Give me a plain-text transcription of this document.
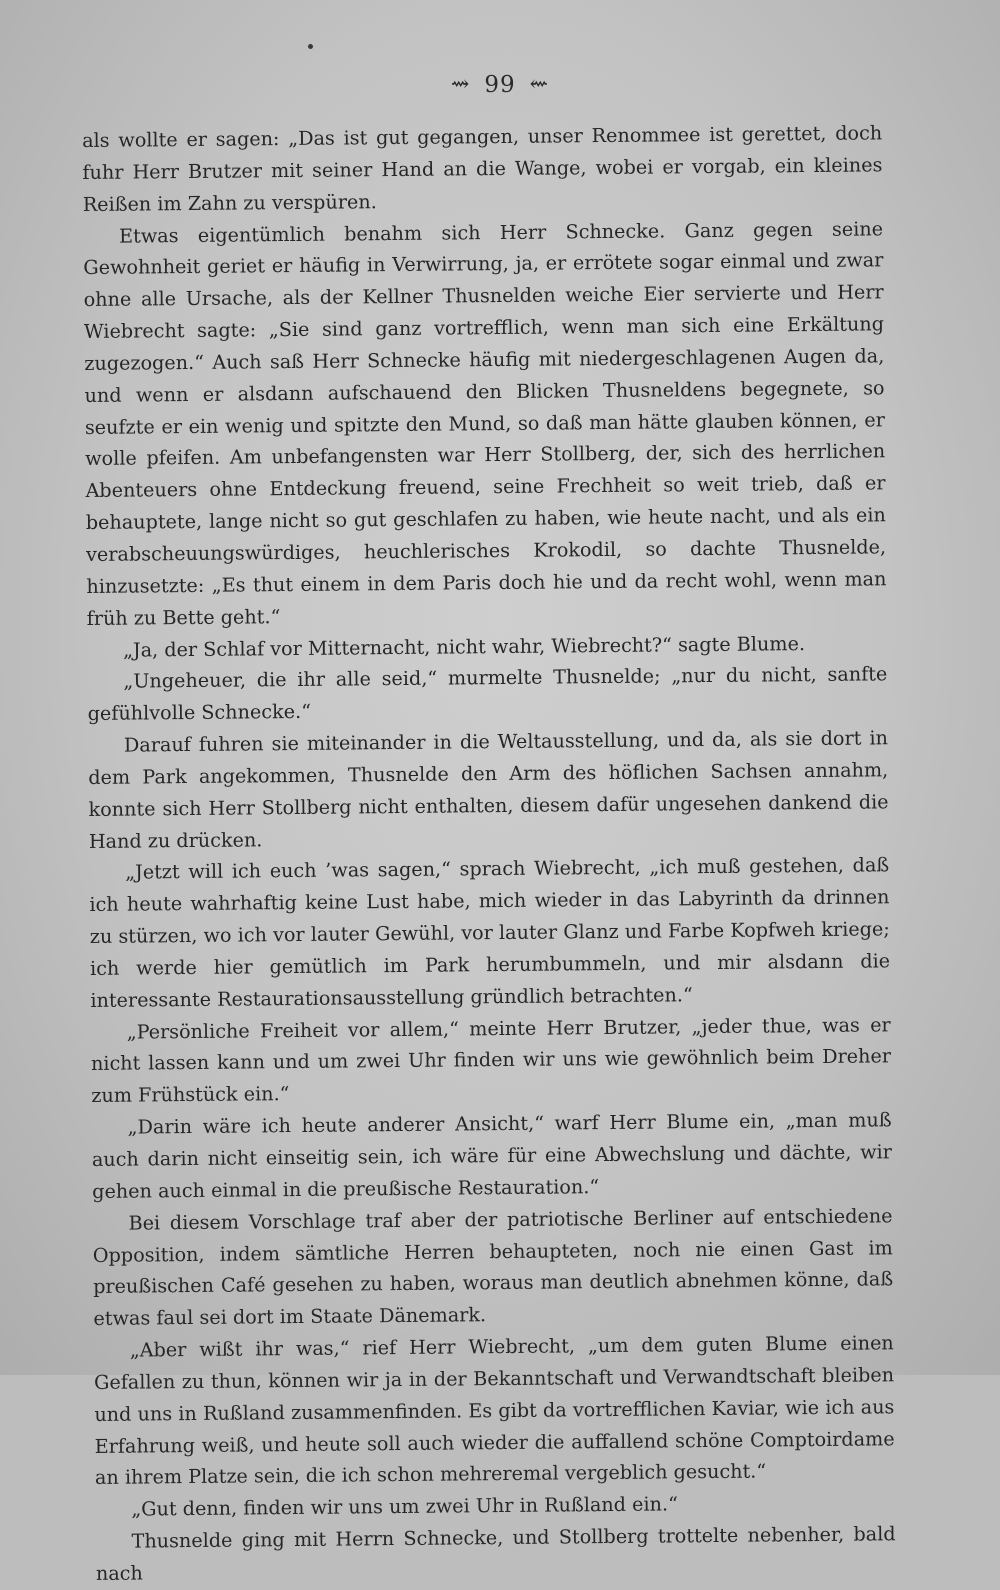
⇝ 99 ⇜

als wollte er sagen: „Das ist gut gegangen, unser Renommee ist gerettet, doch fuhr Herr Brutzer mit seiner Hand an die Wange, wobei er vorgab, ein kleines Reißen im Zahn zu verspüren.

Etwas eigentümlich benahm sich Herr Schnecke. Ganz gegen seine Gewohnheit geriet er häufig in Verwirrung, ja, er errötete sogar einmal und zwar ohne alle Ursache, als der Kellner Thusnelden weiche Eier servierte und Herr Wiebrecht sagte: „Sie sind ganz vortrefflich, wenn man sich eine Erkältung zugezogen.“ Auch saß Herr Schnecke häufig mit niedergeschlagenen Augen da, und wenn er alsdann aufschauend den Blicken Thusneldens begegnete, so seufzte er ein wenig und spitzte den Mund, so daß man hätte glauben können, er wolle pfeifen. Am unbefangensten war Herr Stollberg, der, sich des herrlichen Abenteuers ohne Entdeckung freuend, seine Frechheit so weit trieb, daß er behauptete, lange nicht so gut geschlafen zu haben, wie heute nacht, und als ein verabscheuungswürdiges, heuchlerisches Krokodil, so dachte Thusnelde, hinzusetzte: „Es thut einem in dem Paris doch hie und da recht wohl, wenn man früh zu Bette geht.“

„Ja, der Schlaf vor Mitternacht, nicht wahr, Wiebrecht?“ sagte Blume.

„Ungeheuer, die ihr alle seid,“ murmelte Thusnelde; „nur du nicht, sanfte gefühlvolle Schnecke.“

Darauf fuhren sie miteinander in die Weltausstellung, und da, als sie dort in dem Park angekommen, Thusnelde den Arm des höflichen Sachsen annahm, konnte sich Herr Stollberg nicht enthalten, diesem dafür ungesehen dankend die Hand zu drücken.

„Jetzt will ich euch ’was sagen,“ sprach Wiebrecht, „ich muß gestehen, daß ich heute wahrhaftig keine Lust habe, mich wieder in das Labyrinth da drinnen zu stürzen, wo ich vor lauter Gewühl, vor lauter Glanz und Farbe Kopfweh kriege; ich werde hier gemütlich im Park herumbummeln, und mir alsdann die interessante Restaurationsausstellung gründlich betrachten.“

„Persönliche Freiheit vor allem,“ meinte Herr Brutzer, „jeder thue, was er nicht lassen kann und um zwei Uhr finden wir uns wie gewöhnlich beim Dreher zum Frühstück ein.“

„Darin wäre ich heute anderer Ansicht,“ warf Herr Blume ein, „man muß auch darin nicht einseitig sein, ich wäre für eine Abwechslung und dächte, wir gehen auch einmal in die preußische Restauration.“

Bei diesem Vorschlage traf aber der patriotische Berliner auf entschiedene Opposition, indem sämtliche Herren behaupteten, noch nie einen Gast im preußischen Café gesehen zu haben, woraus man deutlich abnehmen könne, daß etwas faul sei dort im Staate Dänemark.

„Aber wißt ihr was,“ rief Herr Wiebrecht, „um dem guten Blume einen Gefallen zu thun, können wir ja in der Bekanntschaft und Verwandtschaft bleiben und uns in Rußland zusammenfinden. Es gibt da vortrefflichen Kaviar, wie ich aus Erfahrung weiß, und heute soll auch wieder die auffallend schöne Comptoirdame an ihrem Platze sein, die ich schon mehreremal vergeblich gesucht.“

„Gut denn, finden wir uns um zwei Uhr in Rußland ein.“

Thusnelde ging mit Herrn Schnecke, und Stollberg trottelte nebenher, bald nach
